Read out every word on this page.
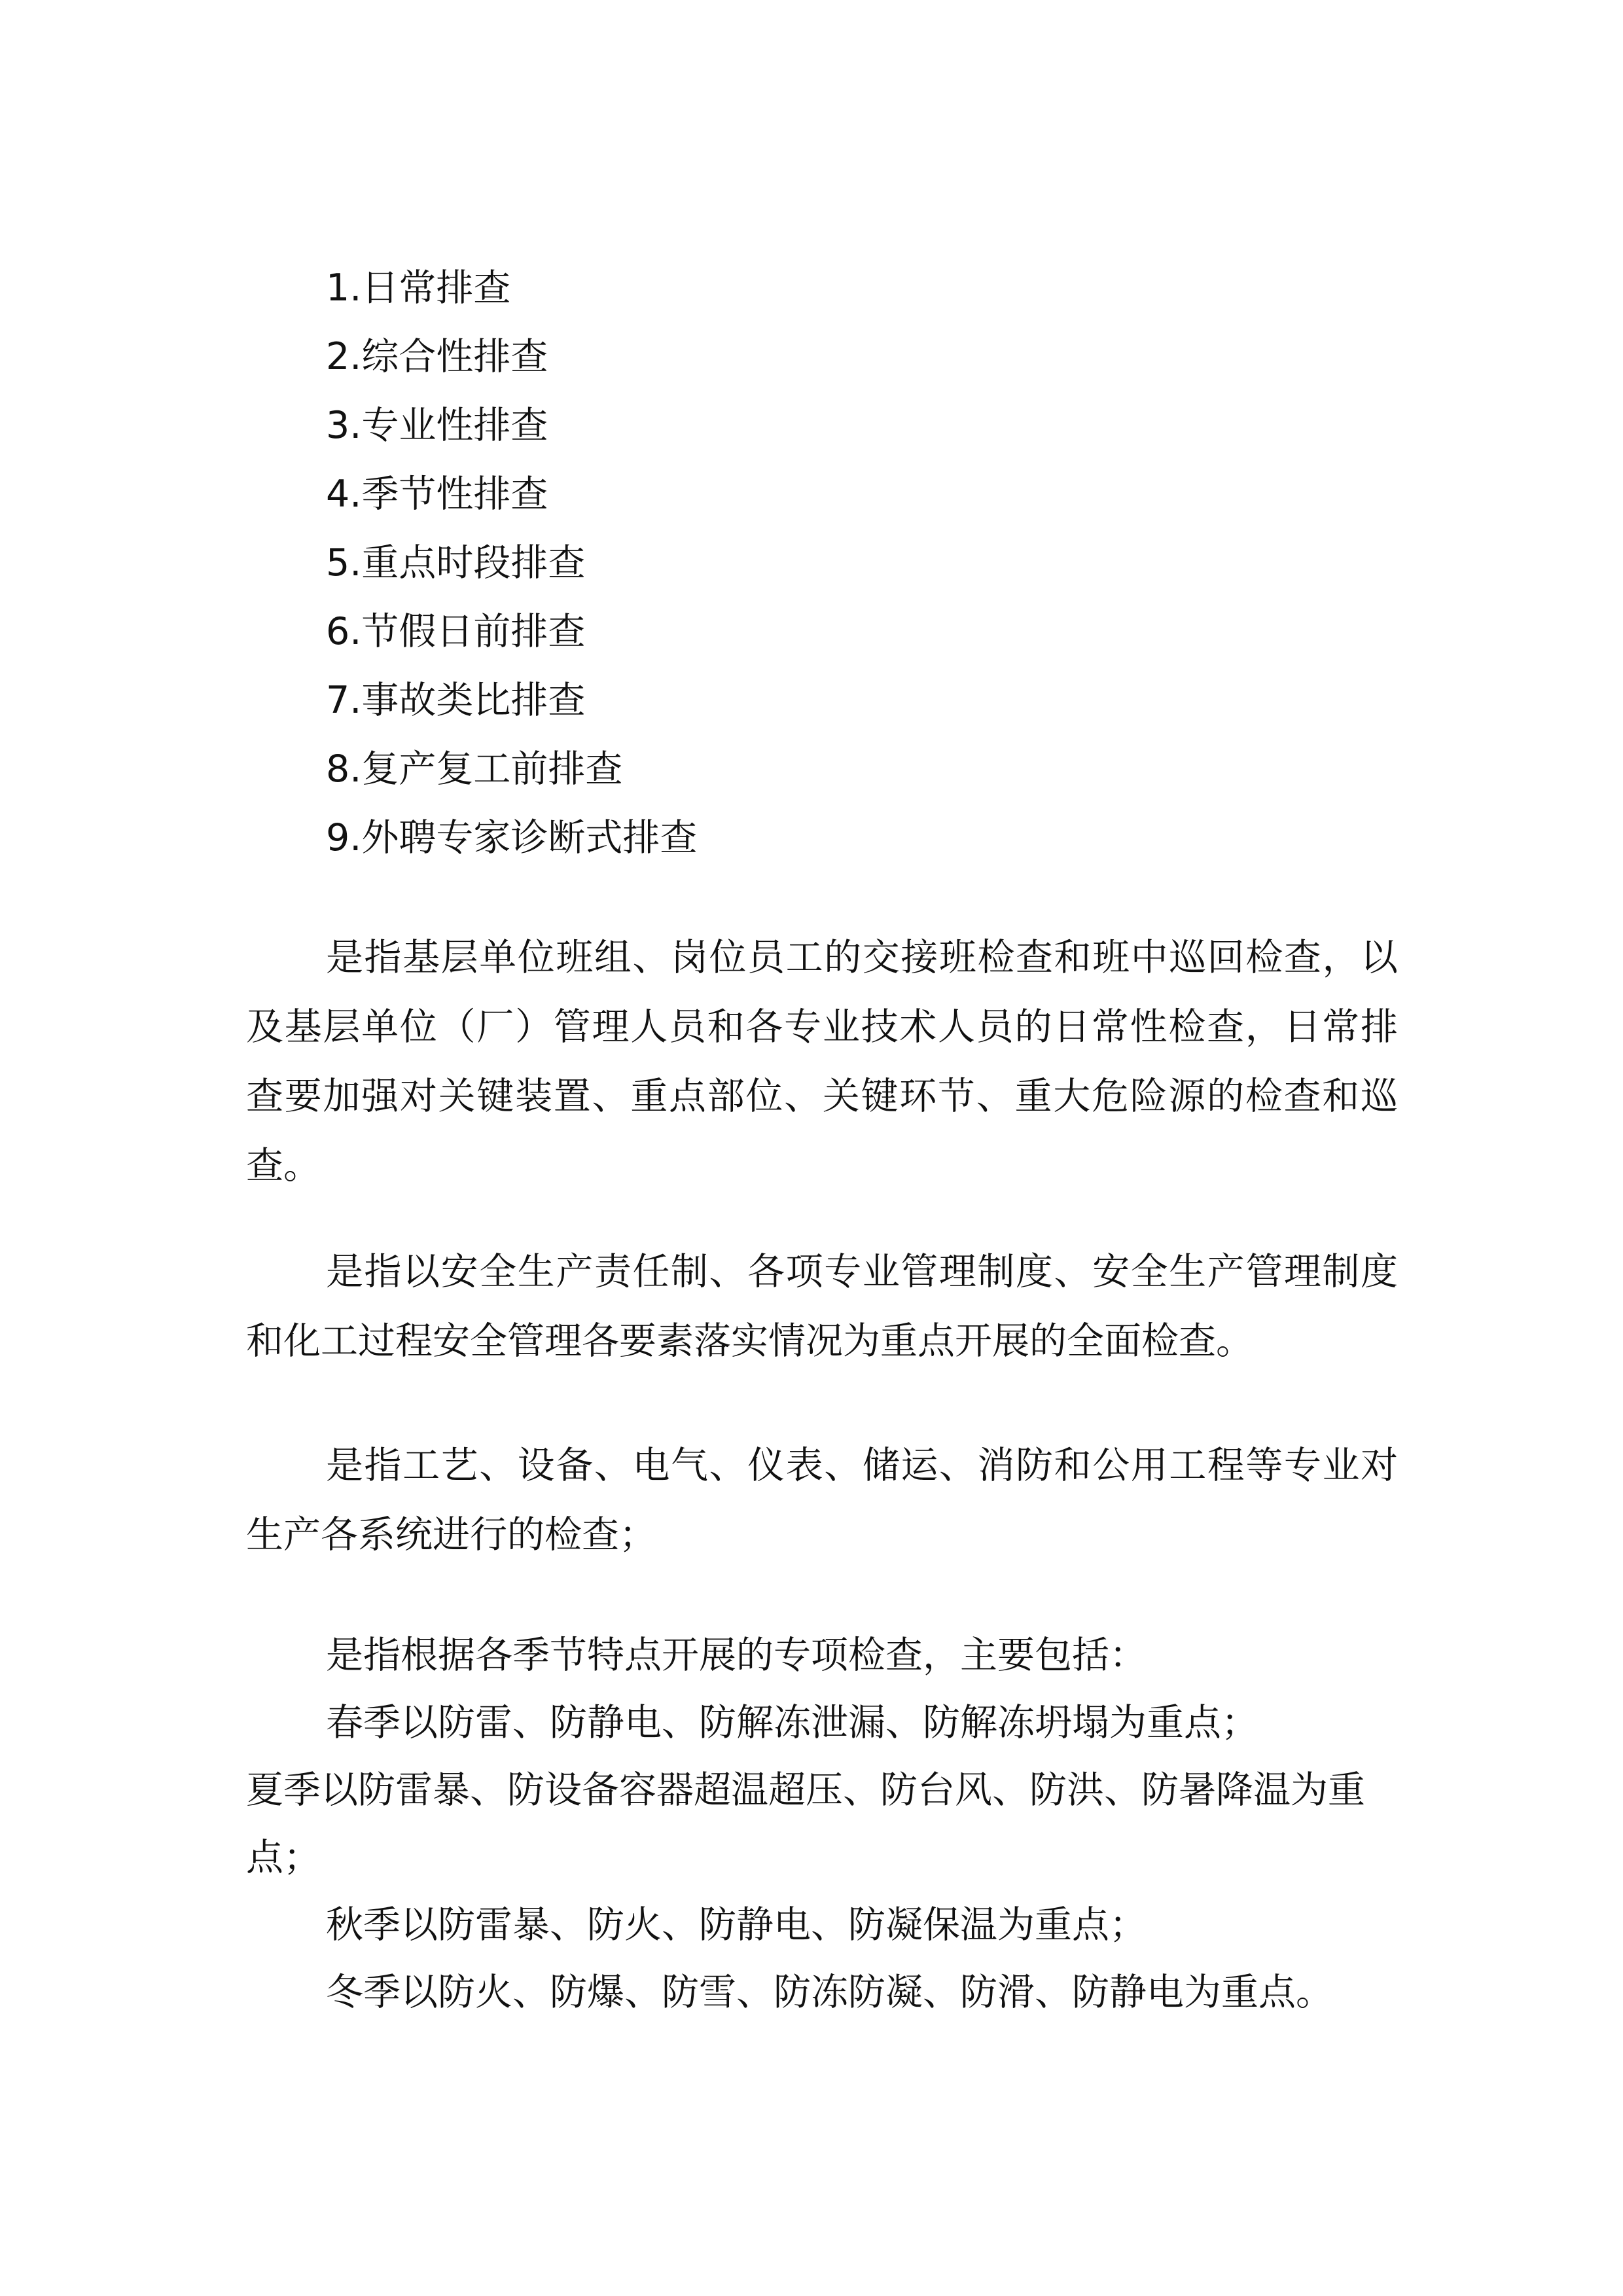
1.日常排查
2.综合性排查
3.专业性排查
4.季节性排查
5.重点时段排查
6.节假日前排查
7.事故类比排查
8.复产复工前排查
9.外聘专家诊断式排查

是指基层单位班组、岗位员工的交接班检查和班中巡回检查，以及基层单位（厂）管理人员和各专业技术人员的日常性检查，日常排查要加强对关键装置、重点部位、关键环节、重大危险源的检查和巡查。

是指以安全生产责任制、各项专业管理制度、安全生产管理制度和化工过程安全管理各要素落实情况为重点开展的全面检查。

是指工艺、设备、电气、仪表、储运、消防和公用工程等专业对生产各系统进行的检查；

是指根据各季节特点开展的专项检查，主要包括：

春季以防雷、防静电、防解冻泄漏、防解冻坍塌为重点；

夏季以防雷暴、防设备容器超温超压、防台风、防洪、防暑降温为重点；

秋季以防雷暴、防火、防静电、防凝保温为重点；

冬季以防火、防爆、防雪、防冻防凝、防滑、防静电为重点。
